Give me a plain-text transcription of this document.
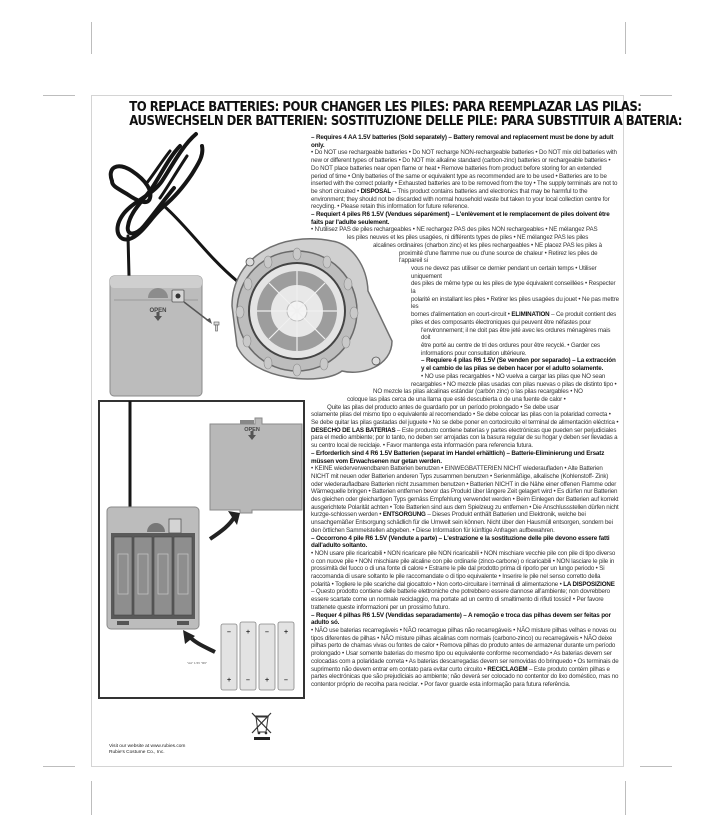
TO REPLACE BATTERIES: POUR CHANGER LES PILES: PARA REEMPLAZAR LAS PILAS:
AUSWECHSELN DER BATTERIEN: SOSTITUZIONE DELLE PILE: PARA SUBSTITUIR A BATERIA:
OPEN
OPEN
–
+
+
–
–
+
+
–
"AA" 1.5V "R6"
Visit our website at www.rubies.com
Rubie's Costume Co., Inc.

– Requires 4 AA 1.5V batteries (Sold separately) – Battery removal and replacement must be done by adult only.

• Do NOT use rechargeable batteries • Do NOT recharge NON-rechargeable batteries • Do NOT mix old batteries with new or different types of batteries • Do NOT mix alkaline standard (carbon-zinc) batteries or rechargeable batteries • Do NOT place batteries near open flame or heat • Remove batteries from product before storing for an extended period of time • Only batteries of the same or equivalent type as recommended are to be used • Batteries are to be inserted with the correct polarity • Exhausted batteries are to be removed from the toy • The supply terminals are not to be short circuited • DISPOSAL – This product contains batteries and electronics that may be harmful to the environment; they should not be discarded with normal household waste but taken to your local collection centre for recycling. • Please retain this information for future reference.

– Requiert 4 piles R6 1.5V (Vendues séparément) – L'enlèvement et le remplacement de piles doivent être faits par l'adulte seulement.

• N'utilisez PAS de piles rechargeables • NE rechargez PAS des piles NON rechargeables • NE mélangez PAS

les piles neuves et les piles usagées, ni différents types de piles • NE mélangez PAS les piles

alcalines ordinaires (charbon zinc) et les piles rechargeables • NE placez PAS les piles à

proximité d'une flamme nue ou d'une source de chaleur • Retirez les piles de l'appareil si

vous ne devez pas utiliser ce dernier pendant un certain temps • Utiliser uniquement

des piles de même type ou les piles de type équivalent conseillées • Respecter la

polarité en installant les piles • Retirer les piles usagées du jouet • Ne pas mettre les

bornes d'alimentation en court-circuit • ELIMINATION – Ce produit contient des

piles et des composants électroniques qui peuvent être néfastes pour

l'environnement; il ne doit pas être jeté avec les ordures ménagères mais doit

être porté au centre de tri des ordures pour être recyclé. • Garder ces

informations pour consultation ultérieure.

– Requiere 4 pilas R6 1.5V (Se venden por separado) – La extracción y el cambio de las pilas se deben hacer por el adulto solamente.

• NO use pilas recargables • NO vuelva a cargar las pilas que NO sean

recargables • NO mezcle pilas usadas con pilas nuevas o pilas de distinto tipo •

NO mezcle las pilas alcalinas estándar (carbón zinc) o las pilas recargables • NO

coloque las pilas cerca de una llama que esté descubierta o de una fuente de calor •

Quite las pilas del producto antes de guardarlo por un período prolongado • Se debe usar

solamente pilas del mismo tipo o equivalente al recomendado • Se debe colocar las pilas con la polaridad correcta • Se debe quitar las pilas gastadas del juguete • No se debe poner en cortocircuito el terminal de alimentación eléctrica • DESECHO DE LAS BATERIAS – Este producto contiene baterías y partes electrónicas que pueden ser perjudiciales para el medio ambiente; por lo tanto, no deben ser arrojadas con la basura regular de su hogar y deben ser llevadas a su centro local de reciclaje. • Favor mantenga esta información para referencia futura.

– Erforderlich sind 4 R6 1.5V Batterien (separat im Handel erhältlich) – Batterie-Eliminierung und Ersatz müssen vom Erwachsenen nur getan werden.

• KEINE wiederverwendbaren Batterien benutzen • EINWEGBATTERIEN NICHT wiederaufladen • Alte Batterien NICHT mit neuen oder Batterien anderen Typs zusammen benutzen • Serienmäßige, alkalische (Kohlenstoff- Zink) oder wiederaufladbare Batterien nicht zusammen benutzen • Batterien NICHT in die Nähe einer offenen Flamme oder Wärmequelle bringen • Batterien entfernen bevor das Produkt über längere Zeit gelagert wird • Es dürfen nur Batterien des gleichen oder gleichartigen Typs gemäss Empfehlung verwendet werden • Beim Einlegen der Batterien auf korrekt ausgerichtete Polarität achten • Tote Batterien sind aus dem Spielzeug zu entfernen • Die Anschlussstellen dürfen nicht kurzge-schlossen werden • ENTSORGUNG – Dieses Produkt enthält Batterien und Elektronik, welche bei unsachgemäßer Entsorgung schädlich für die Umwelt sein können. Nicht über den Hausmüll entsorgen, sondern bei den örtlichen Sammelstellen abgeben. • Diese Information für künftige Anfragen aufbewahren.

– Occorrono 4 pile R6 1.5V (Vendute a parte) – L'estrazione e la sostituzione delle pile devono essere fatti dall'adulto soltanto.

• NON usare pile ricaricabili • NON ricaricare pile NON ricaricabili • NON mischiare vecchie pile con pile di tipo diverso o con nuove pile • NON mischiare pile alcaline con pile ordinarie (zinco-carbone) o ricaricabili • NON lasciare le pile in prossimità del fuoco o di una fonte di calore • Estrarre le pile dal prodotto prima di riporlo per un lungo periodo • Si raccomanda di usare soltanto le pile raccomandate o di tipo equivalente • Inserire le pile nel senso corretto della polarità • Togliere le pile scariche dal giocattolo • Non corto-circuitare i terminali di alimentazione • LA DISPOSIZIONE – Questo prodotto contiene delle batterie elettroniche che potrebbero essere dannose all'ambiente; non dovrebbero essere scartate come un normale reciclaggio, ma portate ad un centro di smaltimento di rifiuti tossici! • Per favore trattenete queste informazioni per un prossimo futuro.

– Requer 4 pilhas R6 1.5V (Vendidas separadamente) – A remoção e troca das pilhas devem ser feitas por adulto só.

• NÃO use baterias recarregáveis • NÃO recarregue pilhas não recarregáveis • NÃO misture pilhas velhas e novas ou tipos diferentes de pilhas • NÃO misture pilhas alcalinas com normais (carbono-zinco) ou recarregáveis • NÃO deixe pilhas perto de chamas vivas ou fontes de calor • Remova pilhas do produto antes de armazenar durante um período prolongado • Usar somente baterias do mesmo tipo ou equivalente conforme recomendado • As baterias devem ser colocadas com a polaridade correta • As baterias descarregadas devem ser removidas do brinquedo • Os terminais de suprimento não devem entrar em contato para evitar curto circuito • RECICLAGEM – Este produto contém pilhas e partes electrónicas que são prejudiciais ao ambiente; não deverá ser colocado no contentor do lixo doméstico, mas no contentor próprio de recolha para reciclar. • Por favor guarde esta informação para futura referência.
